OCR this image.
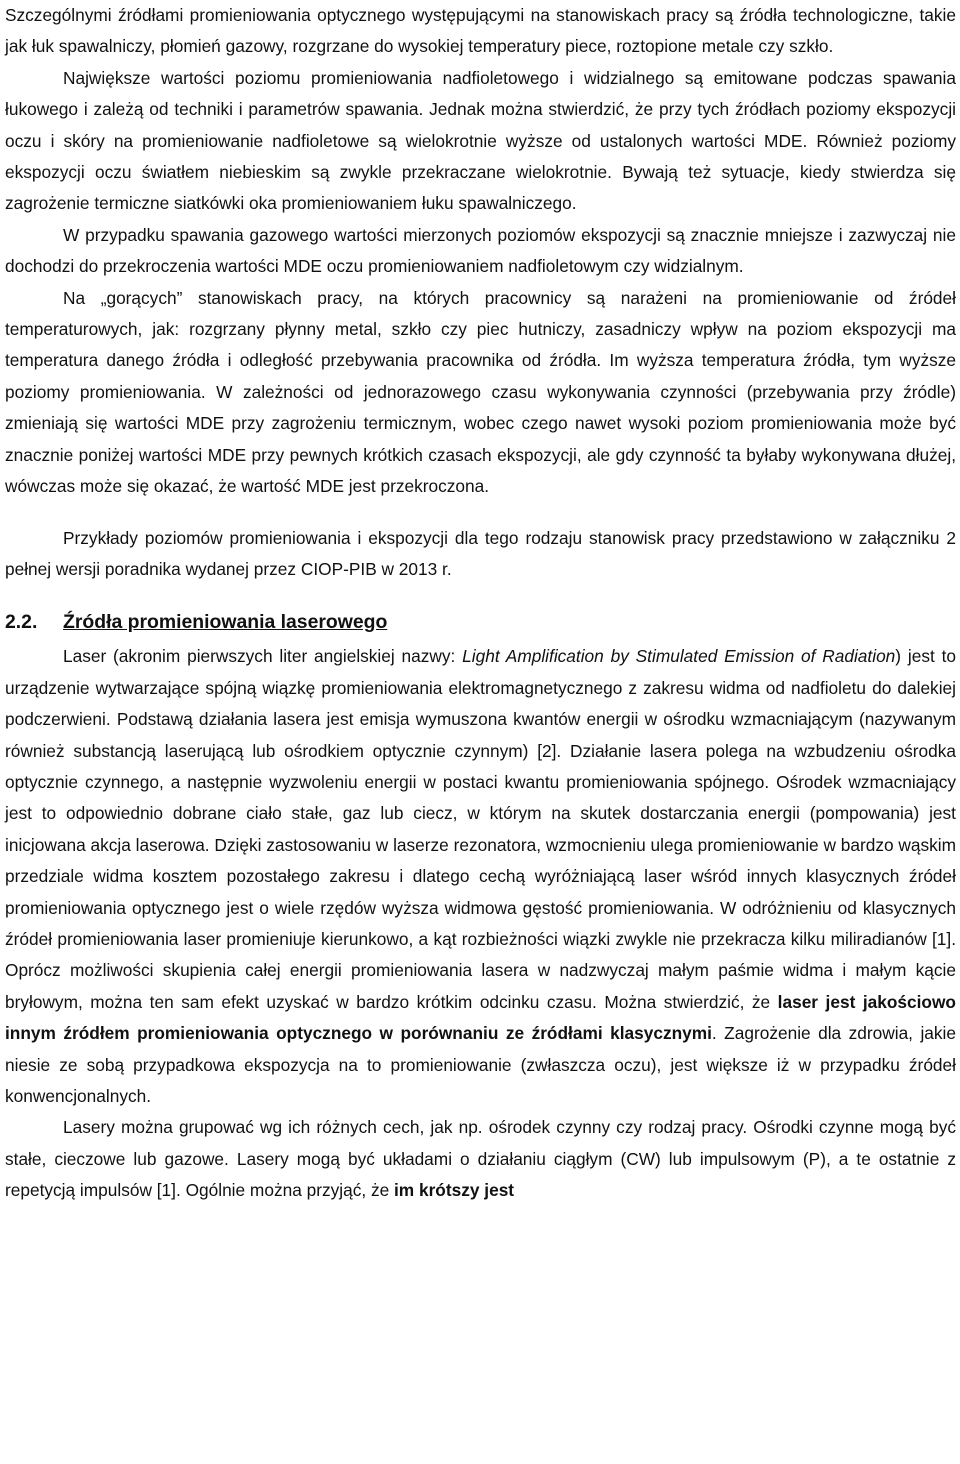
Szczególnymi źródłami promieniowania optycznego występującymi na stanowiskach pracy są źródła technologiczne, takie jak łuk spawalniczy, płomień gazowy, rozgrzane do wysokiej temperatury piece, roztopione metale czy szkło.

Największe wartości poziomu promieniowania nadfioletowego i widzialnego są emitowane podczas spawania łukowego i zależą od techniki i parametrów spawania. Jednak można stwierdzić, że przy tych źródłach poziomy ekspozycji oczu i skóry na promieniowanie nadfioletowe są wielokrotnie wyższe od ustalonych wartości MDE. Również poziomy ekspozycji oczu światłem niebieskim są zwykle przekraczane wielokrotnie. Bywają też sytuacje, kiedy stwierdza się zagrożenie termiczne siatkówki oka promieniowaniem łuku spawalniczego.

W przypadku spawania gazowego wartości mierzonych poziomów ekspozycji są znacznie mniejsze i zazwyczaj nie dochodzi do przekroczenia wartości MDE oczu promieniowaniem nadfioletowym czy widzialnym.

Na „gorących” stanowiskach pracy, na których pracownicy są narażeni na promieniowanie od źródeł temperaturowych, jak: rozgrzany płynny metal, szkło czy piec hutniczy, zasadniczy wpływ na poziom ekspozycji ma temperatura danego źródła i odległość przebywania pracownika od źródła. Im wyższa temperatura źródła, tym wyższe poziomy promieniowania. W zależności od jednorazowego czasu wykonywania czynności (przebywania przy źródle) zmieniają się wartości MDE przy zagrożeniu termicznym, wobec czego nawet wysoki poziom promieniowania może być znacznie poniżej wartości MDE przy pewnych krótkich czasach ekspozycji, ale gdy czynność ta byłaby wykonywana dłużej, wówczas może się okazać, że wartość MDE jest przekroczona.

Przykłady poziomów promieniowania i ekspozycji dla tego rodzaju stanowisk pracy przedstawiono w załączniku 2 pełnej wersji poradnika wydanej przez CIOP-PIB w 2013 r.

2.2. Źródła promieniowania laserowego

Laser (akronim pierwszych liter angielskiej nazwy: Light Amplification by Stimulated Emission of Radiation) jest to urządzenie wytwarzające spójną wiązkę promieniowania elektromagnetycznego z zakresu widma od nadfioletu do dalekiej podczerwieni. Podstawą działania lasera jest emisja wymuszona kwantów energii w ośrodku wzmacniającym (nazywanym również substancją laserującą lub ośrodkiem optycznie czynnym) [2]. Działanie lasera polega na wzbudzeniu ośrodka optycznie czynnego, a następnie wyzwoleniu energii w postaci kwantu promieniowania spójnego. Ośrodek wzmacniający jest to odpowiednio dobrane ciało stałe, gaz lub ciecz, w którym na skutek dostarczania energii (pompowania) jest inicjowana akcja laserowa. Dzięki zastosowaniu w laserze rezonatora, wzmocnieniu ulega promieniowanie w bardzo wąskim przedziale widma kosztem pozostałego zakresu i dlatego cechą wyróżniającą laser wśród innych klasycznych źródeł promieniowania optycznego jest o wiele rzędów wyższa widmowa gęstość promieniowania. W odróżnieniu od klasycznych źródeł promieniowania laser promieniuje kierunkowo, a kąt rozbieżności wiązki zwykle nie przekracza kilku miliradianów [1]. Oprócz możliwości skupienia całej energii promieniowania lasera w nadzwyczaj małym paśmie widma i małym kącie bryłowym, można ten sam efekt uzyskać w bardzo krótkim odcinku czasu. Można stwierdzić, że laser jest jakościowo innym źródłem promieniowania optycznego w porównaniu ze źródłami klasycznymi. Zagrożenie dla zdrowia, jakie niesie ze sobą przypadkowa ekspozycja na to promieniowanie (zwłaszcza oczu), jest większe iż w przypadku źródeł konwencjonalnych.

Lasery można grupować wg ich różnych cech, jak np. ośrodek czynny czy rodzaj pracy. Ośrodki czynne mogą być stałe, cieczowe lub gazowe. Lasery mogą być układami o działaniu ciągłym (CW) lub impulsowym (P), a te ostatnie z repetycją impulsów [1]. Ogólnie można przyjąć, że im krótszy jest
